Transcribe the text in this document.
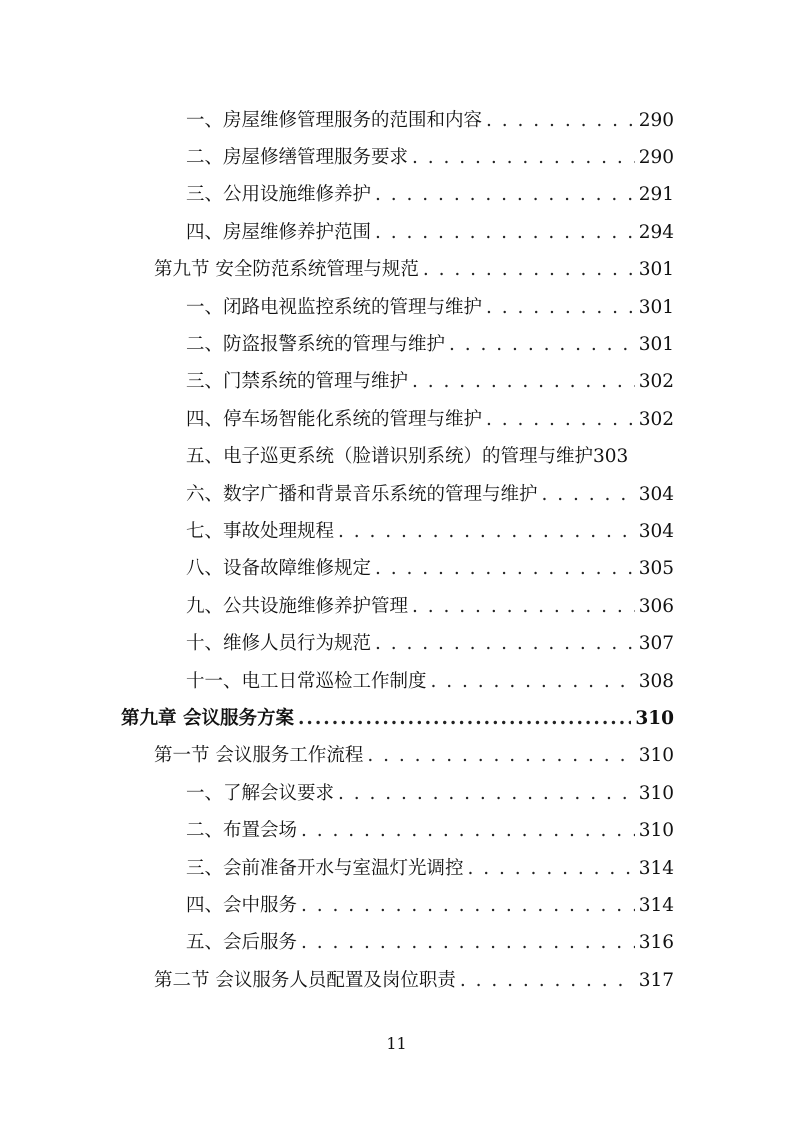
一、房屋维修管理服务的范围和内容 . . .	290
二、房屋修缮管理服务要求 . . .	290
三、公用设施维修养护 . . .	291
四、房屋维修养护范围 . . .	294
第九节 安全防范系统管理与规范 . . .	301
一、闭路电视监控系统的管理与维护 . . .	301
二、防盗报警系统的管理与维护 . . .	301
三、门禁系统的管理与维护 . . .	302
四、停车场智能化系统的管理与维护 . . .	302
五、电子巡更系统（脸谱识别系统）的管理与维护 303
六、数字广播和背景音乐系统的管理与维护 . . .	304
七、事故处理规程 . . .	304
八、设备故障维修规定 . . .	305
九、公共设施维修养护管理 . . .	306
十、维修人员行为规范 . . .	307
十一、电工日常巡检工作制度 . . .	308
第九章 会议服务方案 .....	310
第一节 会议服务工作流程 . . .	310
一、了解会议要求 . . .	310
二、布置会场 . . .	310
三、会前准备开水与室温灯光调控 . . .	314
四、会中服务 . . .	314
五、会后服务 . . .	316
第二节 会议服务人员配置及岗位职责 . . .	317
11
